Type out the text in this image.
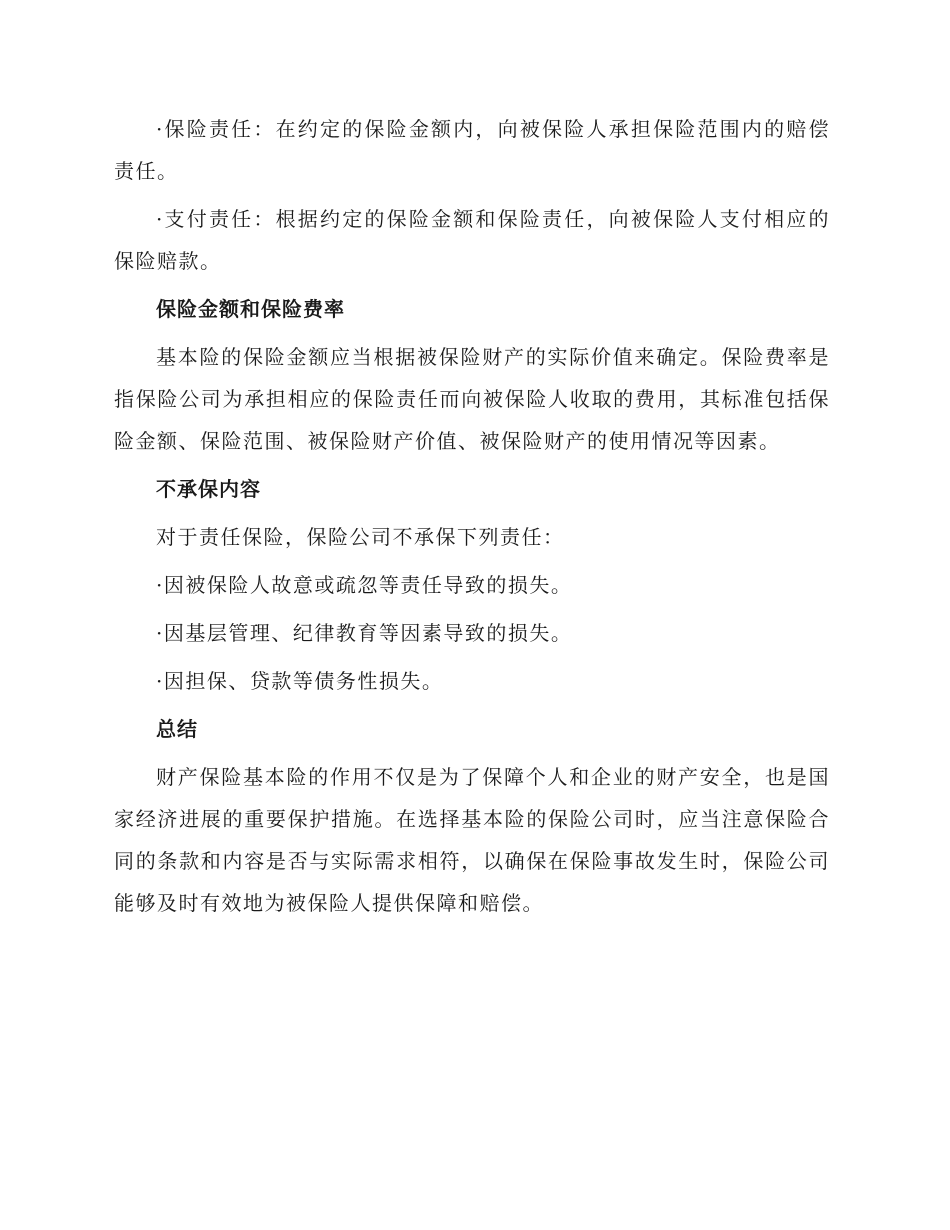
·保险责任：在约定的保险金额内，向被保险人承担保险范围内的赔偿责任。

·支付责任：根据约定的保险金额和保险责任，向被保险人支付相应的保险赔款。

保险金额和保险费率

基本险的保险金额应当根据被保险财产的实际价值来确定。保险费率是指保险公司为承担相应的保险责任而向被保险人收取的费用，其标准包括保险金额、保险范围、被保险财产价值、被保险财产的使用情况等因素。

不承保内容

对于责任保险，保险公司不承保下列责任：

·因被保险人故意或疏忽等责任导致的损失。

·因基层管理、纪律教育等因素导致的损失。

·因担保、贷款等债务性损失。

总结

财产保险基本险的作用不仅是为了保障个人和企业的财产安全，也是国家经济进展的重要保护措施。在选择基本险的保险公司时，应当注意保险合同的条款和内容是否与实际需求相符，以确保在保险事故发生时，保险公司能够及时有效地为被保险人提供保障和赔偿。
